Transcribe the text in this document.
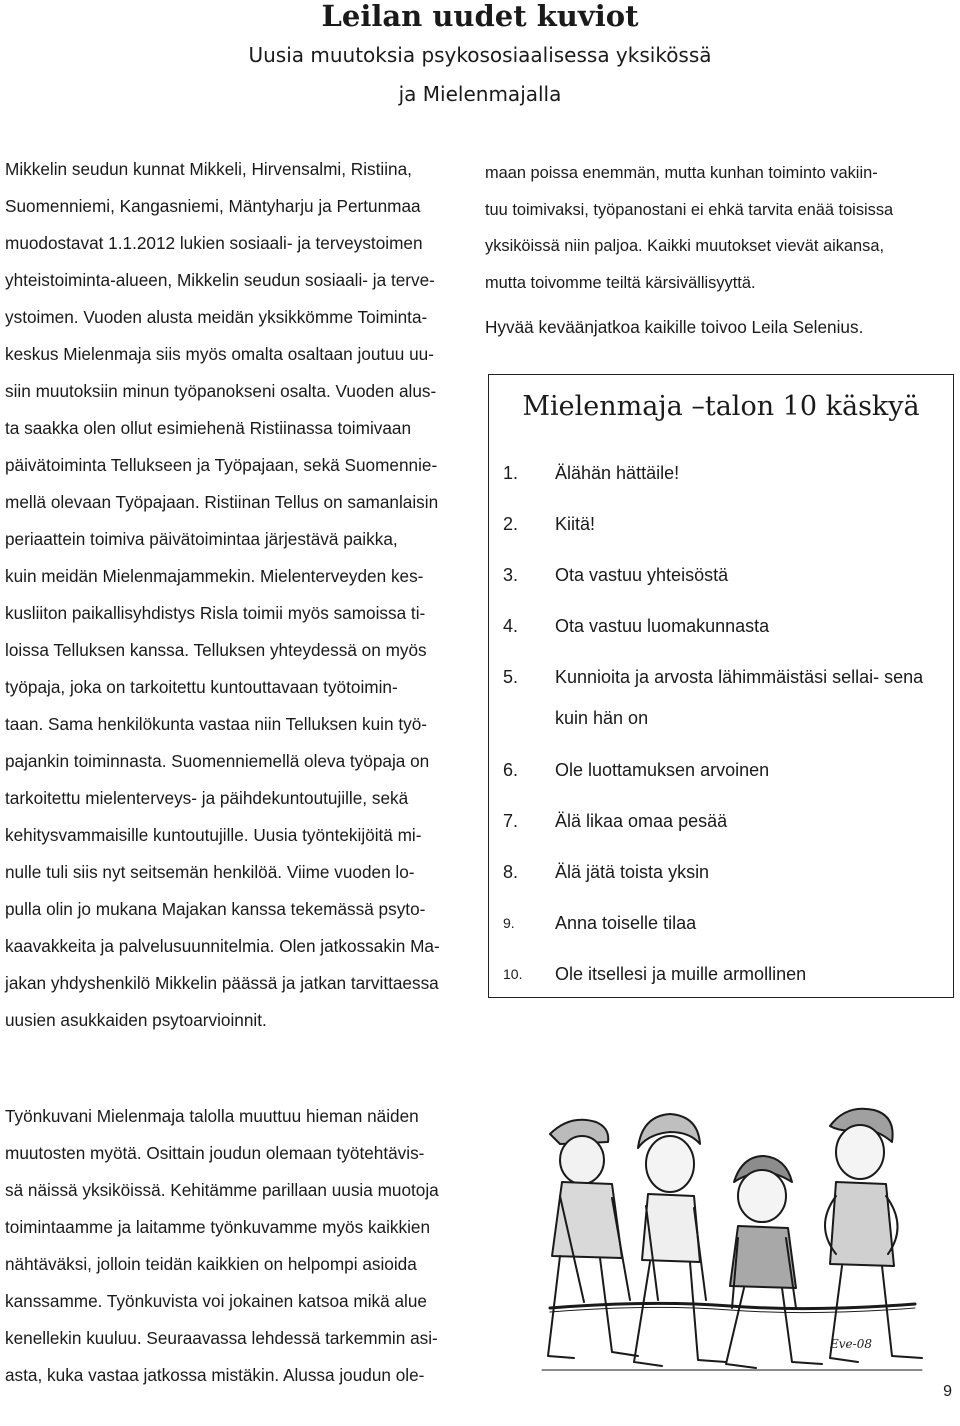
Leilan uudet kuviot
Uusia muutoksia psykososiaalisessa yksikössä
ja Mielenmajalla

Mikkelin seudun kunnat Mikkeli, Hirvensalmi, Ristiina,

Suomenniemi, Kangasniemi, Mäntyharju ja Pertunmaa

muodostavat 1.1.2012 lukien sosiaali- ja terveystoimen

yhteistoiminta-alueen, Mikkelin seudun sosiaali- ja terve-

ystoimen. Vuoden alusta meidän yksikkömme Toiminta-

keskus Mielenmaja siis myös omalta osaltaan joutuu uu-

siin muutoksiin minun työpanokseni osalta. Vuoden alus-

ta saakka olen ollut esimiehenä Ristiinassa toimivaan

päivätoiminta Tellukseen ja Työpajaan, sekä Suomennie-

mellä olevaan Työpajaan. Ristiinan Tellus on samanlaisin

periaattein toimiva päivätoimintaa järjestävä paikka,

kuin meidän Mielenmajammekin. Mielenterveyden kes-

kusliiton paikallisyhdistys Risla toimii myös samoissa ti-

loissa Telluksen kanssa. Telluksen yhteydessä on myös

työpaja, joka on tarkoitettu kuntouttavaan työtoimin-

taan. Sama henkilökunta vastaa niin Telluksen kuin työ-

pajankin toiminnasta. Suomenniemellä oleva työpaja on

tarkoitettu mielenterveys- ja päihdekuntoutujille, sekä

kehitysvammaisille kuntoutujille. Uusia työntekijöitä mi-

nulle tuli siis nyt seitsemän henkilöä. Viime vuoden lo-

pulla olin jo mukana Majakan kanssa tekemässä psyto-

kaavakkeita ja palvelusuunnitelmia. Olen jatkossakin Ma-

jakan yhdyshenkilö Mikkelin päässä ja jatkan tarvittaessa

uusien asukkaiden psytoarvioinnit.

maan poissa enemmän, mutta kunhan toiminto vakiin-

tuu toimivaksi, työpanostani ei ehkä tarvita enää toisissa

yksiköissä niin paljoa. Kaikki muutokset vievät aikansa,

mutta toivomme teiltä kärsivällisyyttä.

Hyvää keväänjatkoa kaikille toivoo Leila Selenius.

Mielenmaja –talon 10 käskyä
1.	Älähän hättäile!
2.	Kiitä!
3.	Ota vastuu yhteisöstä
4.	Ota vastuu luomakunnasta
5.	Kunnioita ja arvosta lähimmäistäsi sellai- sena kuin hän on
6.	Ole luottamuksen arvoinen
7.	Älä likaa omaa pesää
8.	Älä jätä toista yksin
9.	Anna toiselle tilaa
10.	Ole itsellesi ja muille armollinen

Työnkuvani Mielenmaja talolla muuttuu hieman näiden

muutosten myötä. Osittain joudun olemaan työtehtävis-

sä näissä yksiköissä. Kehitämme parillaan uusia muotoja

toimintaamme ja laitamme työnkuvamme myös kaikkien

nähtäväksi, jolloin teidän kaikkien on helpompi asioida

kanssamme. Työnkuvista voi jokainen katsoa mikä alue

kenellekin kuuluu. Seuraavassa lehdessä tarkemmin asi-

asta, kuka vastaa jatkossa mistäkin. Alussa joudun ole-

Eve-08
9
